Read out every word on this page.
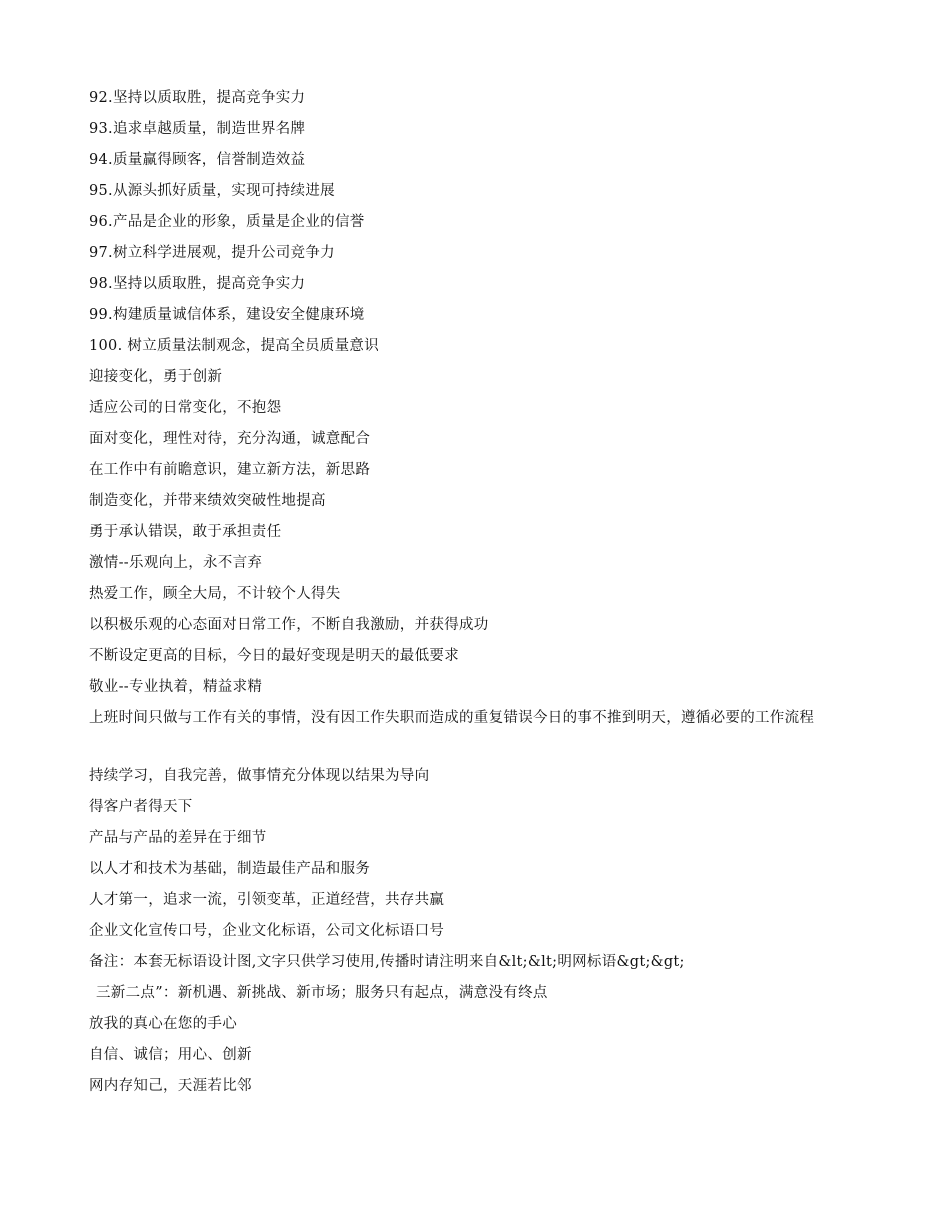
92.坚持以质取胜，提高竞争实力
93.追求卓越质量，制造世界名牌
94.质量赢得顾客，信誉制造效益
95.从源头抓好质量，实现可持续进展
96.产品是企业的形象，质量是企业的信誉
97.树立科学进展观，提升公司竞争力
98.坚持以质取胜，提高竞争实力
99.构建质量诚信体系，建设安全健康环境
100. 树立质量法制观念，提高全员质量意识
迎接变化，勇于创新
适应公司的日常变化，不抱怨
面对变化，理性对待，充分沟通，诚意配合
在工作中有前瞻意识，建立新方法，新思路
制造变化，并带来绩效突破性地提高
勇于承认错误，敢于承担责任
激情--乐观向上，永不言弃
热爱工作，顾全大局，不计较个人得失
以积极乐观的心态面对日常工作，不断自我激励，并获得成功
不断设定更高的目标，今日的最好变现是明天的最低要求
敬业--专业执着，精益求精
上班时间只做与工作有关的事情，没有因工作失职而造成的重复错误今日的事不推到明天，遵循必要的工作流程
持续学习，自我完善，做事情充分体现以结果为导向
得客户者得天下
产品与产品的差异在于细节
以人才和技术为基础，制造最佳产品和服务
人才第一，追求一流，引领变革，正道经营，共存共赢
企业文化宣传口号，企业文化标语，公司文化标语口号
备注：本套无标语设计图,文字只供学习使用,传播时请注明来自&lt;&lt;明网标语&gt;&gt;
三新二点”：新机遇、新挑战、新市场；服务只有起点，满意没有终点
放我的真心在您的手心
自信、诚信；用心、创新
网内存知己，天涯若比邻
